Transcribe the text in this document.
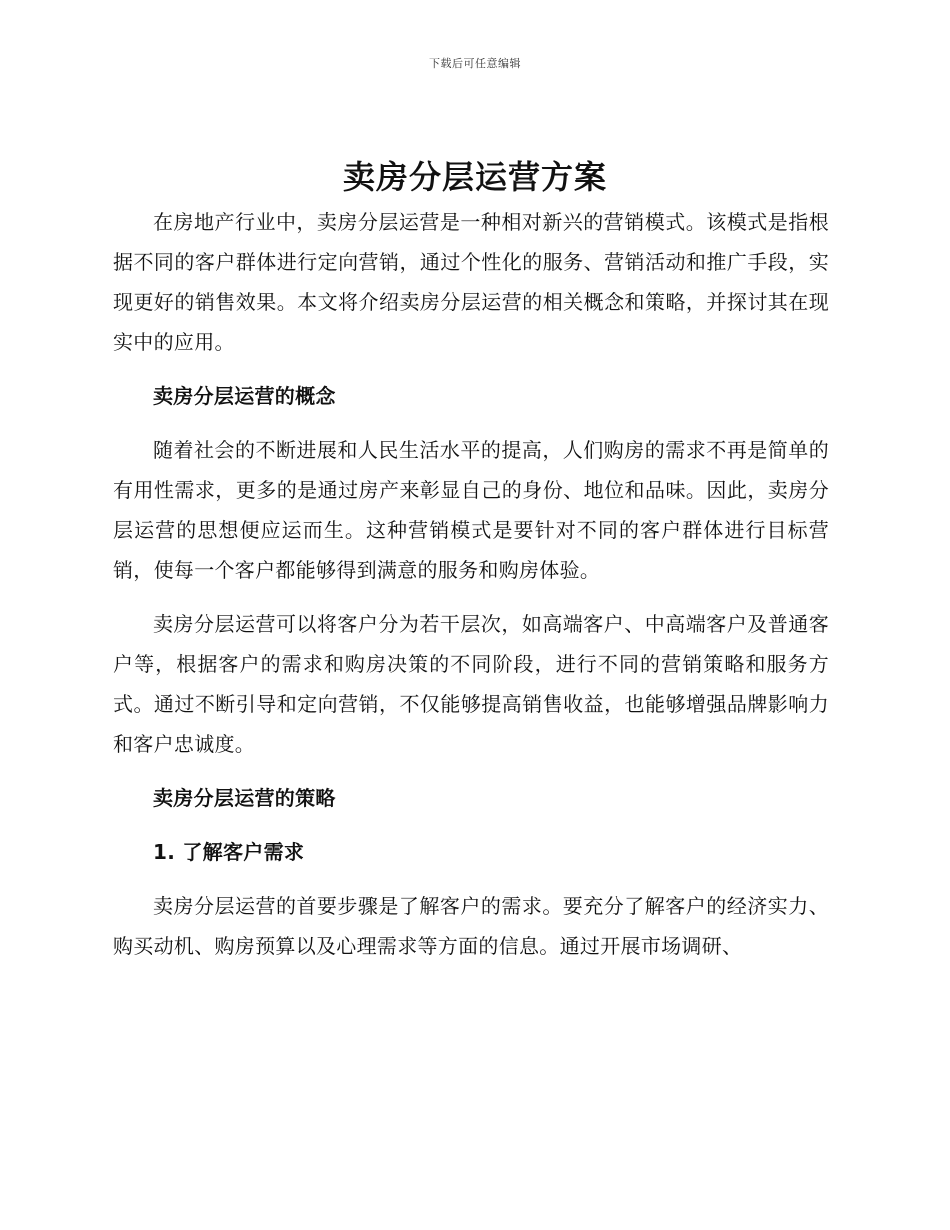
下载后可任意编辑
卖房分层运营方案

在房地产行业中，卖房分层运营是一种相对新兴的营销模式。该模式是指根据不同的客户群体进行定向营销，通过个性化的服务、营销活动和推广手段，实现更好的销售效果。本文将介绍卖房分层运营的相关概念和策略，并探讨其在现实中的应用。

卖房分层运营的概念

随着社会的不断进展和人民生活水平的提高，人们购房的需求不再是简单的有用性需求，更多的是通过房产来彰显自己的身份、地位和品味。因此，卖房分层运营的思想便应运而生。这种营销模式是要针对不同的客户群体进行目标营销，使每一个客户都能够得到满意的服务和购房体验。

卖房分层运营可以将客户分为若干层次，如高端客户、中高端客户及普通客户等，根据客户的需求和购房决策的不同阶段，进行不同的营销策略和服务方式。通过不断引导和定向营销，不仅能够提高销售收益，也能够增强品牌影响力和客户忠诚度。

卖房分层运营的策略

1. 了解客户需求

卖房分层运营的首要步骤是了解客户的需求。要充分了解客户的经济实力、购买动机、购房预算以及心理需求等方面的信息。通过开展市场调研、
